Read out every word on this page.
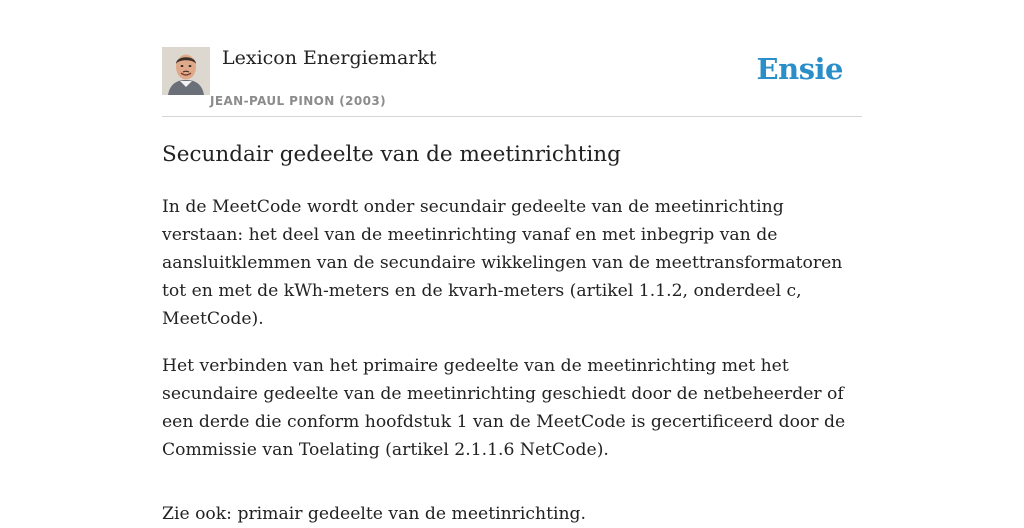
Lexicon Energiemarkt
JEAN-PAUL PINON (2003)
Ensie
Secundair gedeelte van de meetinrichting

In de MeetCode wordt onder secundair gedeelte van de meetinrichting verstaan: het deel van de meetinrichting vanaf en met inbegrip van de aansluitklemmen van de secundaire wikkelingen van de meettransformatoren tot en met de kWh-meters en de kvarh-meters (artikel 1.1.2, onderdeel c, MeetCode).

Het verbinden van het primaire gedeelte van de meetinrichting met het secundaire gedeelte van de meetinrichting geschiedt door de netbeheerder of een derde die conform hoofdstuk 1 van de MeetCode is gecertificeerd door de Commissie van Toelating (artikel 2.1.1.6 NetCode).

Zie ook: primair gedeelte van de meetinrichting.
